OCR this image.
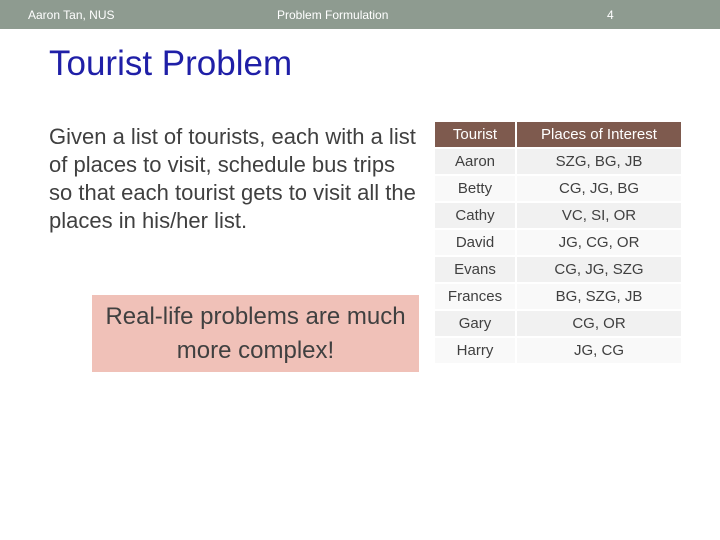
Aaron Tan, NUS	Problem Formulation	4
Tourist Problem

Given a list of tourists, each with a list of places to visit, schedule bus trips so that each tourist gets to visit all the places in his/her list.

Real-life problems are much more complex!
Tourist	Places of Interest
Aaron	SZG, BG, JB
Betty	CG, JG, BG
Cathy	VC, SI, OR
David	JG, CG, OR
Evans	CG, JG, SZG
Frances	BG, SZG, JB
Gary	CG, OR
Harry	JG, CG
